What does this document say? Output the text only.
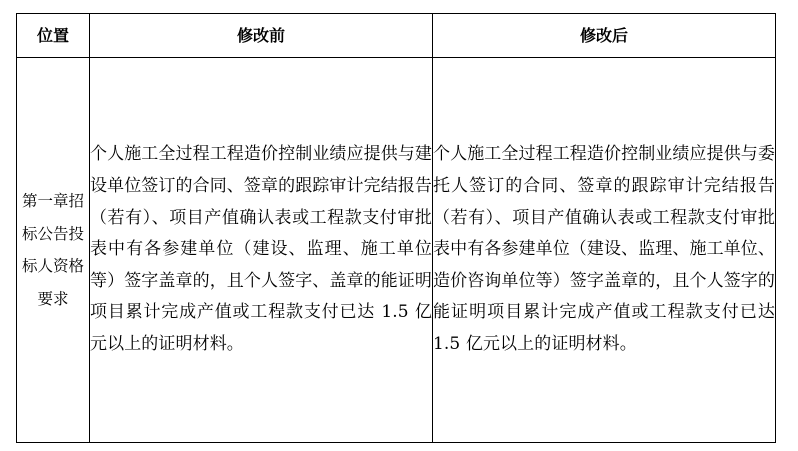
位置	修改前	修改后
第一章招标公告投标人资格要求	个人施工全过程工程造价控制业绩应提供与建设单位签订的合同、签章的跟踪审计完结报告（若有）、项目产值确认表或工程款支付审批表中有各参建单位（建设、监理、施工单位等）签字盖章的，且个人签字、盖章的能证明项目累计完成产值或工程款支付已达 1.5 亿元以上的证明材料。	个人施工全过程工程造价控制业绩应提供与委托人签订的合同、签章的跟踪审计完结报告（若有）、项目产值确认表或工程款支付审批表中有各参建单位（建设、监理、施工单位、造价咨询单位等）签字盖章的，且个人签字的能证明项目累计完成产值或工程款支付已达 1.5 亿元以上的证明材料。
